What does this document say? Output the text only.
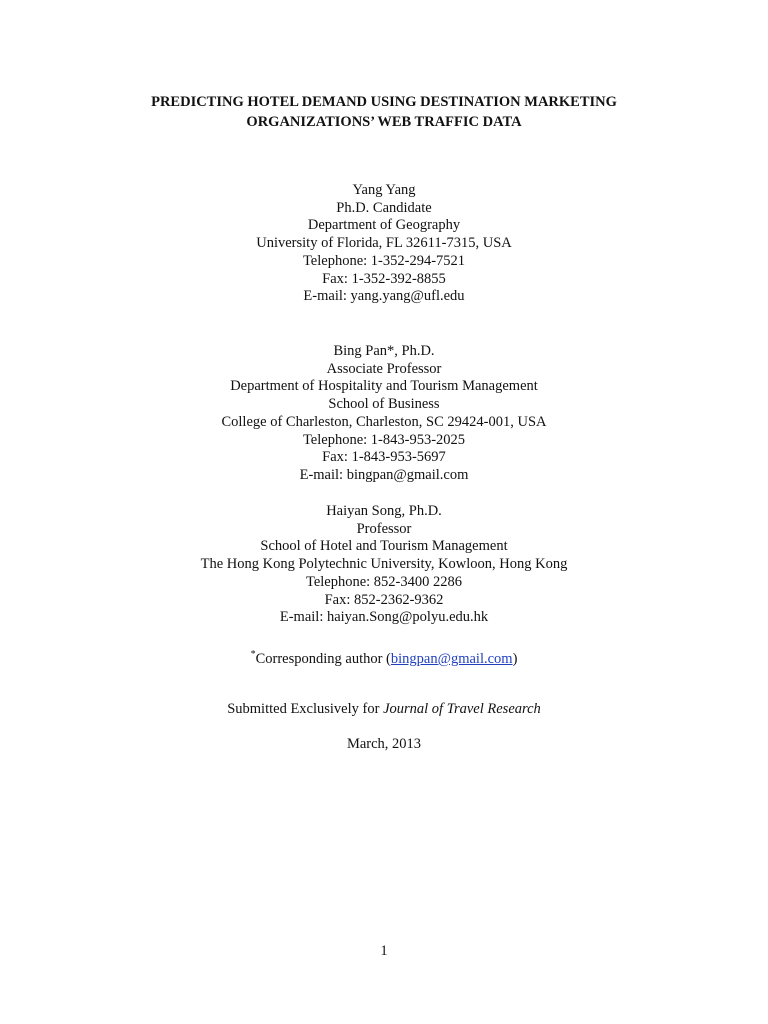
PREDICTING HOTEL DEMAND USING DESTINATION MARKETING
ORGANIZATIONS’ WEB TRAFFIC DATA
Yang Yang
Ph.D. Candidate
Department of Geography
University of Florida, FL 32611-7315, USA
Telephone: 1-352-294-7521
Fax: 1-352-392-8855
E-mail: yang.yang@ufl.edu
Bing Pan*, Ph.D.
Associate Professor
Department of Hospitality and Tourism Management
School of Business
College of Charleston, Charleston, SC 29424-001, USA
Telephone: 1-843-953-2025
Fax: 1-843-953-5697
E-mail: bingpan@gmail.com
Haiyan Song, Ph.D.
Professor
School of Hotel and Tourism Management
The Hong Kong Polytechnic University, Kowloon, Hong Kong
Telephone: 852-3400 2286
Fax: 852-2362-9362
E-mail: haiyan.Song@polyu.edu.hk
*Corresponding author (bingpan@gmail.com)
Submitted Exclusively for Journal of Travel Research
March, 2013
1
